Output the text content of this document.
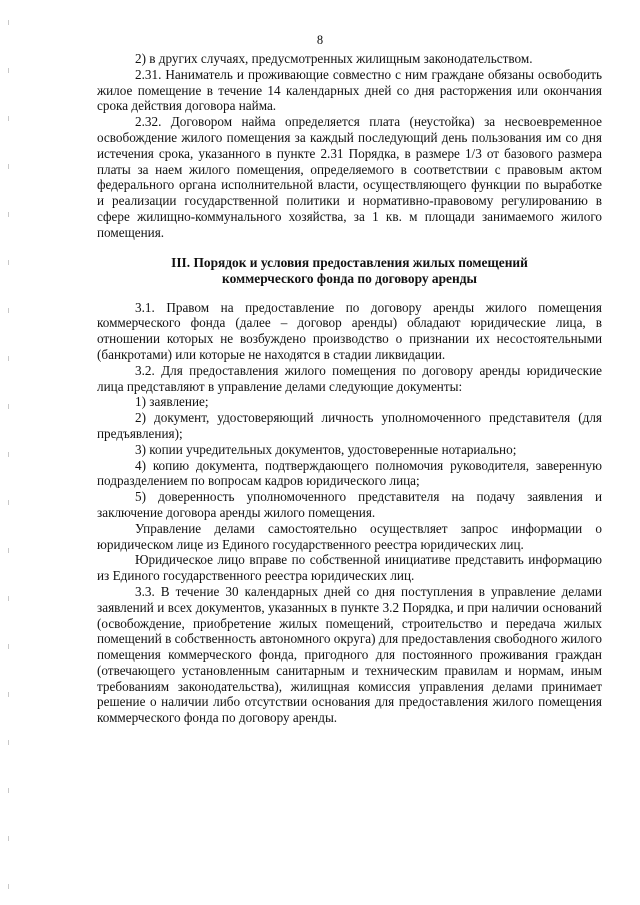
8

2) в других случаях, предусмотренных жилищным законодательством.

2.31. Наниматель и проживающие совместно с ним граждане обязаны освободить жилое помещение в течение 14 календарных дней со дня расторжения или окончания срока действия договора найма.

2.32. Договором найма определяется плата (неустойка) за несвоевременное освобождение жилого помещения за каждый последующий день пользования им со дня истечения срока, указанного в пункте 2.31 Порядка, в размере 1/3 от базового размера платы за наем жилого помещения, определяемого в соответствии с правовым актом федерального органа исполнительной власти, осуществляющего функции по выработке и реализации государственной политики и нормативно-правовому регулированию в сфере жилищно-коммунального хозяйства, за 1 кв. м площади занимаемого жилого помещения.

III. Порядок и условия предоставления жилых помещений
коммерческого фонда по договору аренды

3.1. Правом на предоставление по договору аренды жилого помещения коммерческого фонда (далее – договор аренды) обладают юридические лица, в отношении которых не возбуждено производство о признании их несостоятельными (банкротами) или которые не находятся в стадии ликвидации.

3.2. Для предоставления жилого помещения по договору аренды юридические лица представляют в управление делами следующие документы:

1) заявление;

2) документ, удостоверяющий личность уполномоченного представителя (для предъявления);

3) копии учредительных документов, удостоверенные нотариально;

4) копию документа, подтверждающего полномочия руководителя, заверенную подразделением по вопросам кадров юридического лица;

5) доверенность уполномоченного представителя на подачу заявления и заключение договора аренды жилого помещения.

Управление делами самостоятельно осуществляет запрос информации о юридическом лице из Единого государственного реестра юридических лиц.

Юридическое лицо вправе по собственной инициативе представить информацию из Единого государственного реестра юридических лиц.

3.3. В течение 30 календарных дней со дня поступления в управление делами заявлений и всех документов, указанных в пункте 3.2 Порядка, и при наличии оснований (освобождение, приобретение жилых помещений, строительство и передача жилых помещений в собственность автономного округа) для предоставления свободного жилого помещения коммерческого фонда, пригодного для постоянного проживания граждан (отвечающего установленным санитарным и техническим правилам и нормам, иным требованиям законодательства), жилищная комиссия управления делами принимает решение о наличии либо отсутствии основания для предоставления жилого помещения коммерческого фонда по договору аренды.
